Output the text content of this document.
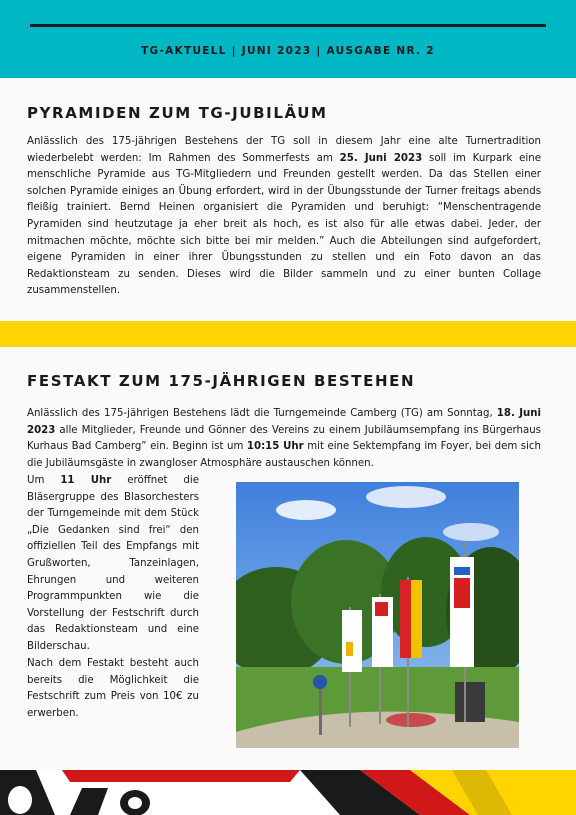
TG-AKTUELL | JUNI 2023 | AUSGABE NR. 2
PYRAMIDEN ZUM TG-JUBILÄUM

Anlässlich des 175-jährigen Bestehens der TG soll in diesem Jahr eine alte Turnertradition wiederbelebt werden: Im Rahmen des Sommerfests am 25. Juni 2023 soll im Kurpark eine menschliche Pyramide aus TG-Mitgliedern und Freunden gestellt werden. Da das Stellen einer solchen Pyramide einiges an Übung erfordert, wird in der Übungsstunde der Turner freitags abends fleißig trainiert. Bernd Heinen organisiert die Pyramiden und beruhigt: “Menschentragende Pyramiden sind heutzutage ja eher breit als hoch, es ist also für alle etwas dabei. Jeder, der mitmachen möchte, möchte sich bitte bei mir melden.” Auch die Abteilungen sind aufgefordert, eigene Pyramiden in einer ihrer Übungsstunden zu stellen und ein Foto davon an das Redaktionsteam zu senden. Dieses wird die Bilder sammeln und zu einer bunten Collage zusammenstellen.

FESTAKT ZUM 175-JÄHRIGEN BESTEHEN

Anlässlich des 175-jährigen Bestehens lädt die Turngemeinde Camberg (TG) am Sonntag, 18. Juni 2023 alle Mitglieder, Freunde und Gönner des Vereins zu einem Jubiläumsempfang ins Bürgerhaus Kurhaus Bad Camberg” ein. Beginn ist um 10:15 Uhr mit eine Sektempfang im Foyer, bei dem sich die Jubiläumsgäste in zwangloser Atmosphäre austauschen können.

Um 11 Uhr eröffnet die Bläsergruppe des Blasorchesters der Turngemeinde mit dem Stück „Die Gedanken sind frei“ den offiziellen Teil des Empfangs mit Grußworten, Tanzeinlagen, Ehrungen und weiteren Programmpunkten wie die Vorstellung der Festschrift durch das Redaktionsteam und eine Bilderschau.

Nach dem Festakt besteht auch bereits die Möglichkeit die Festschrift zum Preis von 10€ zu erwerben.
